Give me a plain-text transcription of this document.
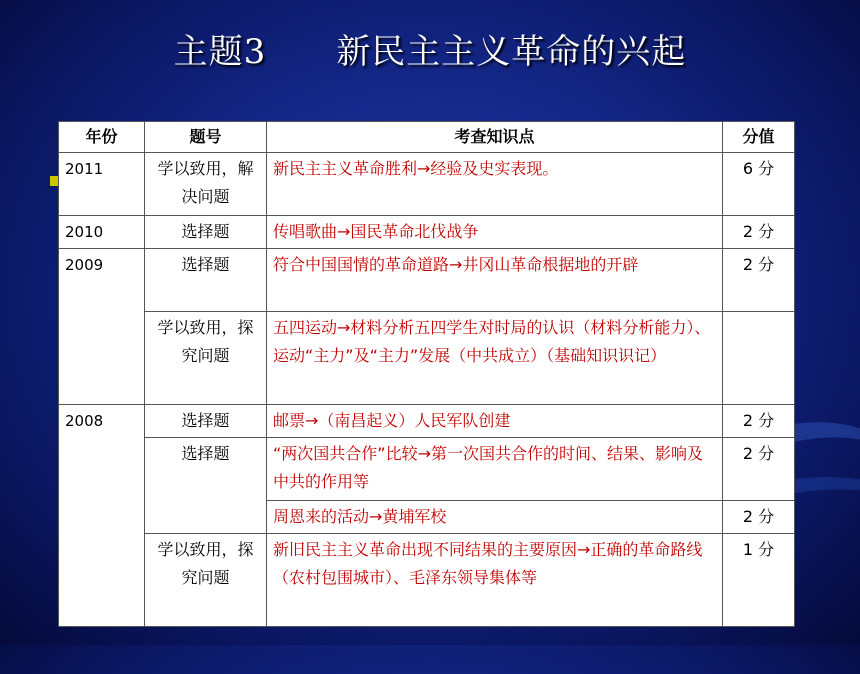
主题3 新民主主义革命的兴起
年份	题号	考查知识点	分值
2011	学以致用，解决问题	新民主主义革命胜利→经验及史实表现。	6 分
2010	选择题	传唱歌曲→国民革命北伐战争	2 分
2009	选择题	符合中国国情的革命道路→井冈山革命根据地的开辟	2 分
	学以致用，探究问题	五四运动→材料分析五四学生对时局的认识（材料分析能力）、运动“主力”及“主力”发展（中共成立）（基础知识识记）	
2008	选择题	邮票→（南昌起义）人民军队创建	2 分
	选择题	“两次国共合作”比较→第一次国共合作的时间、结果、影响及中共的作用等	2 分
		周恩来的活动→黄埔军校	2 分
	学以致用，探究问题	新旧民主主义革命出现不同结果的主要原因→正确的革命路线（农村包围城市）、毛泽东领导集体等	1 分
